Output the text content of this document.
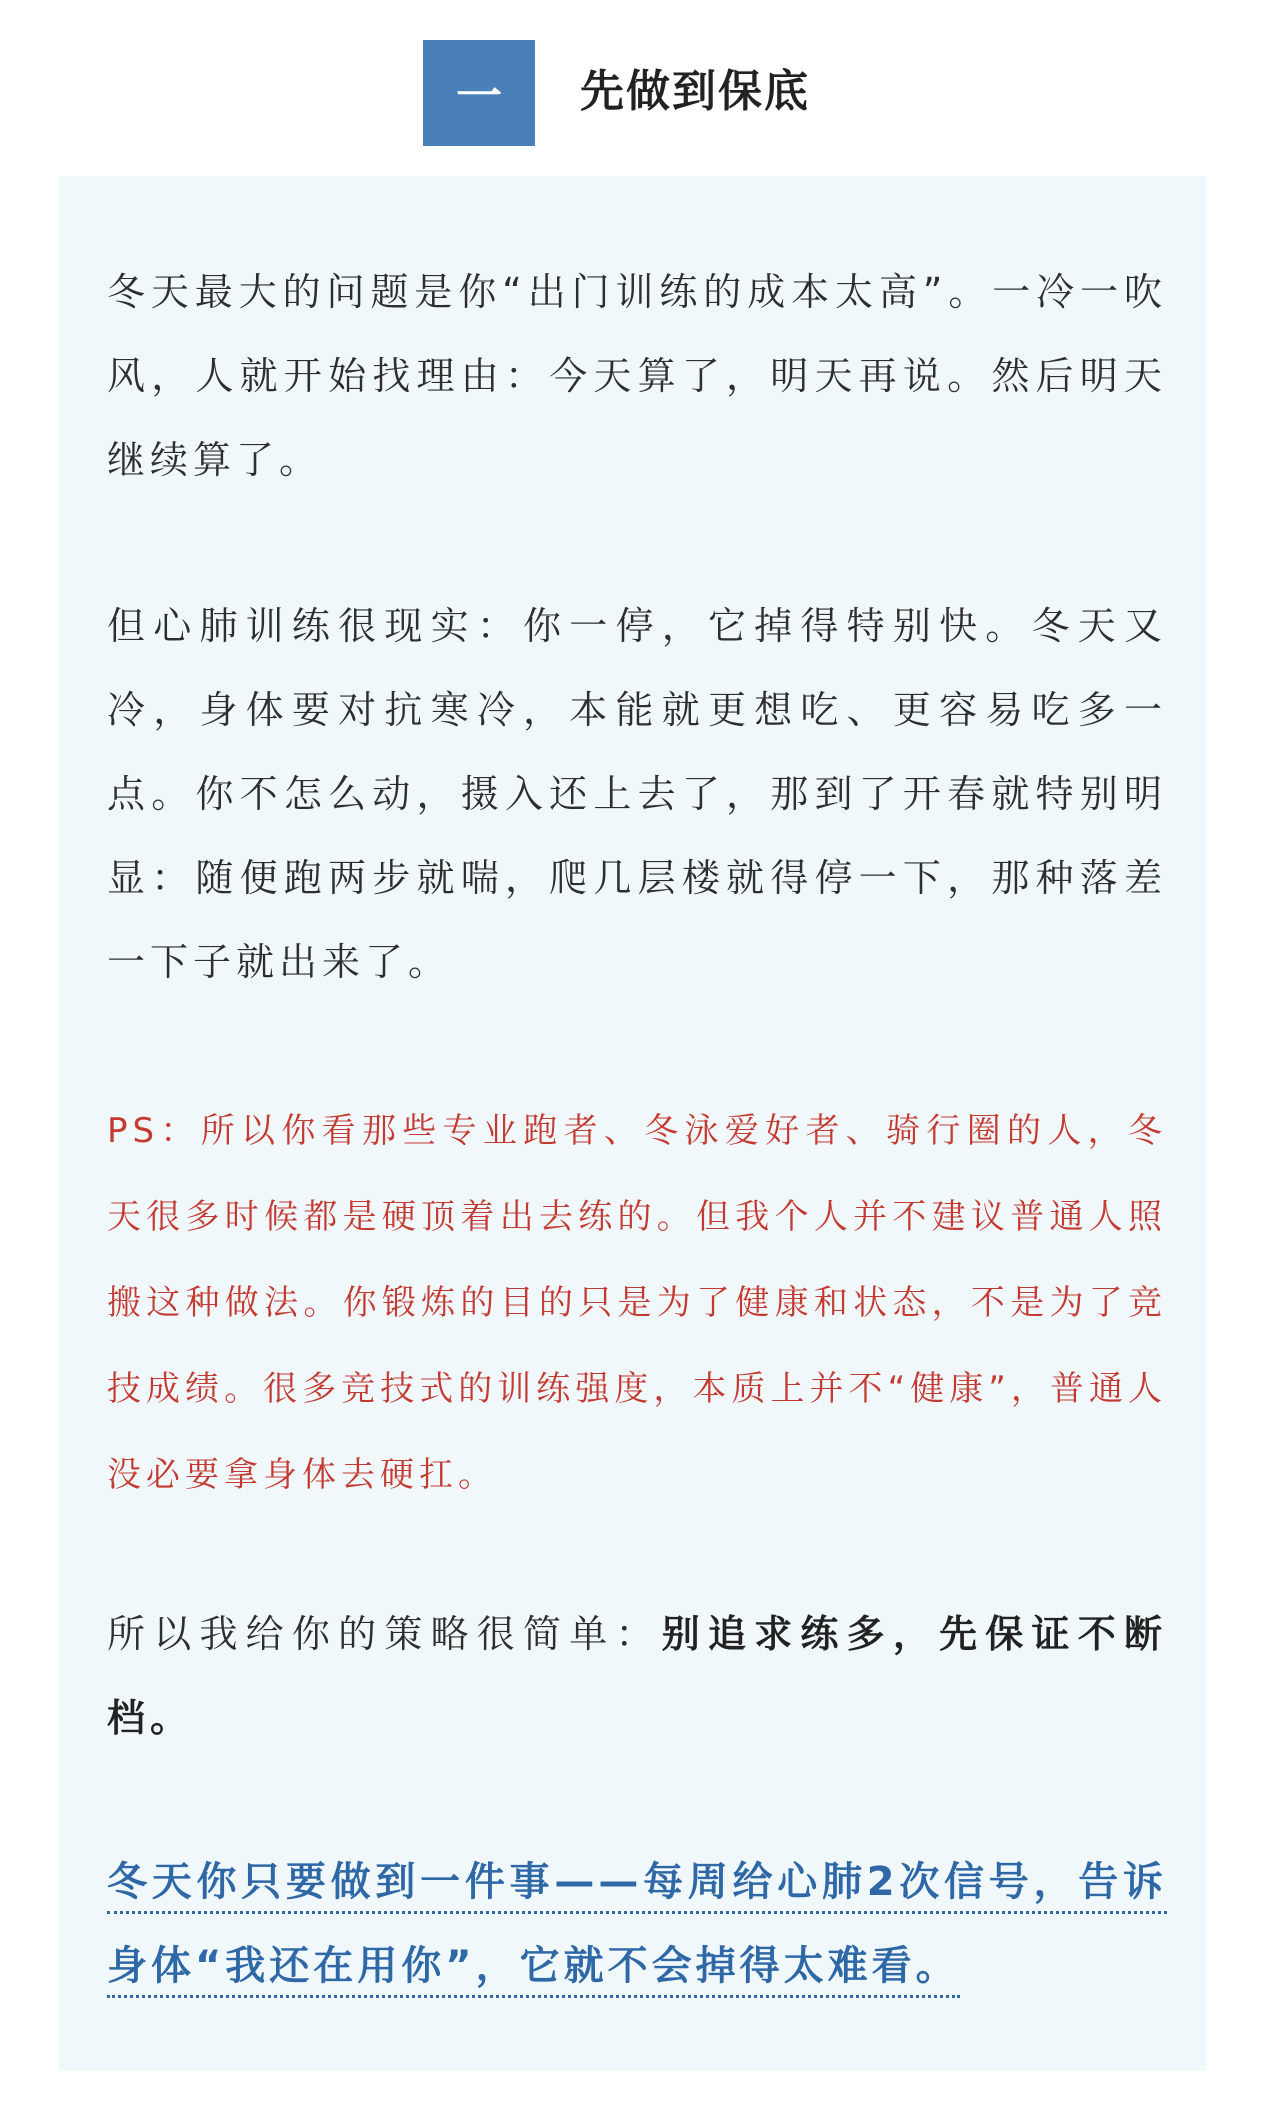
一	先做到保底

冬天最大的问题是你“出门训练的成本太高”。一冷一吹风，人就开始找理由：今天算了，明天再说。然后明天继续算了。

但心肺训练很现实：你一停，它掉得特别快。冬天又冷，身体要对抗寒冷，本能就更想吃、更容易吃多一点。你不怎么动，摄入还上去了，那到了开春就特别明显：随便跑两步就喘，爬几层楼就得停一下，那种落差一下子就出来了。

PS：所以你看那些专业跑者、冬泳爱好者、骑行圈的人，冬天很多时候都是硬顶着出去练的。但我个人并不建议普通人照搬这种做法。你锻炼的目的只是为了健康和状态，不是为了竞技成绩。很多竞技式的训练强度，本质上并不“健康”，普通人没必要拿身体去硬扛。

所以我给你的策略很简单：别追求练多，先保证不断档。

冬天你只要做到一件事——每周给心肺2次信号，告诉身体“我还在用你”，它就不会掉得太难看。
